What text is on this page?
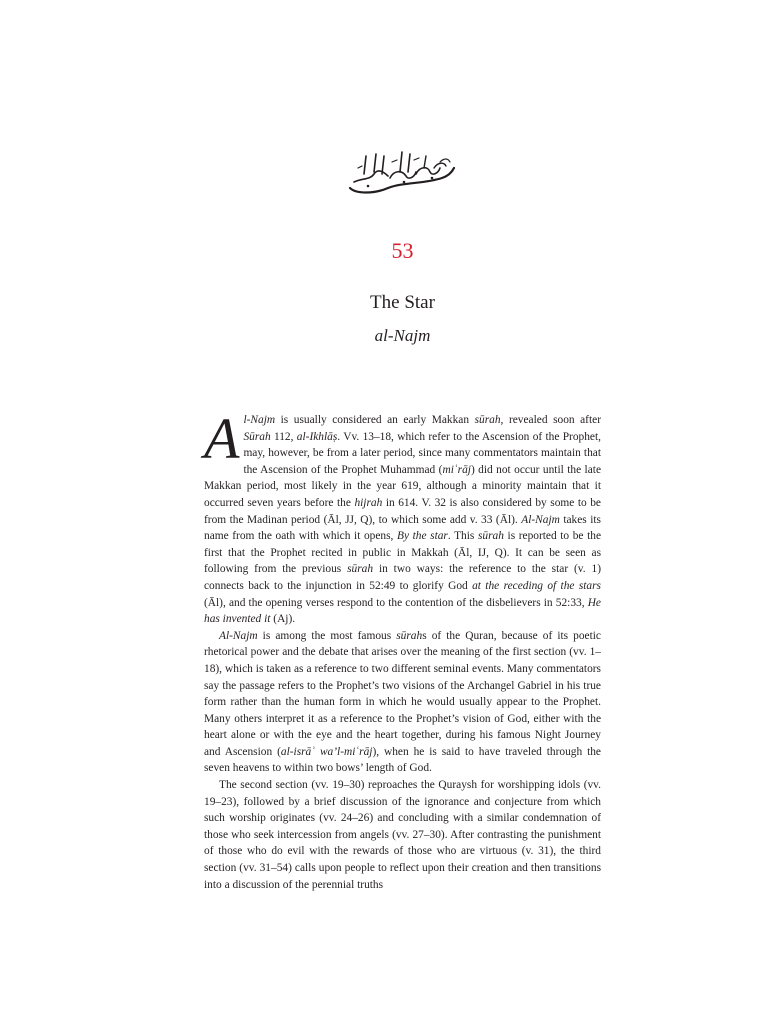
53
The Star
al-Najm

Al-Najm is usually considered an early Makkan sūrah, revealed soon after Sūrah 112, al-Ikhlāṣ. Vv. 13–18, which refer to the Ascension of the Prophet, may, however, be from a later period, since many commentators maintain that the Ascension of the Prophet Muhammad (miʿrāj) did not occur until the late Makkan period, most likely in the year 619, although a minority maintain that it occurred seven years before the hijrah in 614. V. 32 is also considered by some to be from the Madinan period (Āl, JJ, Q), to which some add v. 33 (Āl). Al-Najm takes its name from the oath with which it opens, By the star. This sūrah is reported to be the first that the Prophet recited in public in Makkah (Āl, IJ, Q). It can be seen as following from the previous sūrah in two ways: the reference to the star (v. 1) connects back to the injunction in 52:49 to glorify God at the receding of the stars (Āl), and the opening verses respond to the contention of the disbelievers in 52:33, He has invented it (Aj).

Al-Najm is among the most famous sūrahs of the Quran, because of its poetic rhetorical power and the debate that arises over the meaning of the first section (vv. 1–18), which is taken as a reference to two different seminal events. Many commentators say the passage refers to the Prophet’s two visions of the Archangel Gabriel in his true form rather than the human form in which he would usually appear to the Prophet. Many others interpret it as a reference to the Prophet’s vision of God, either with the heart alone or with the eye and the heart together, during his famous Night Journey and Ascension (al-isrāʾ wa’l-miʿrāj), when he is said to have traveled through the seven heavens to within two bows’ length of God.

The second section (vv. 19–30) reproaches the Quraysh for worshipping idols (vv. 19–23), followed by a brief discussion of the ignorance and conjecture from which such worship originates (vv. 24–26) and concluding with a similar condemnation of those who seek intercession from angels (vv. 27–30). After contrasting the punishment of those who do evil with the rewards of those who are virtuous (v. 31), the third section (vv. 31–54) calls upon people to reflect upon their creation and then transitions into a discussion of the perennial truths
